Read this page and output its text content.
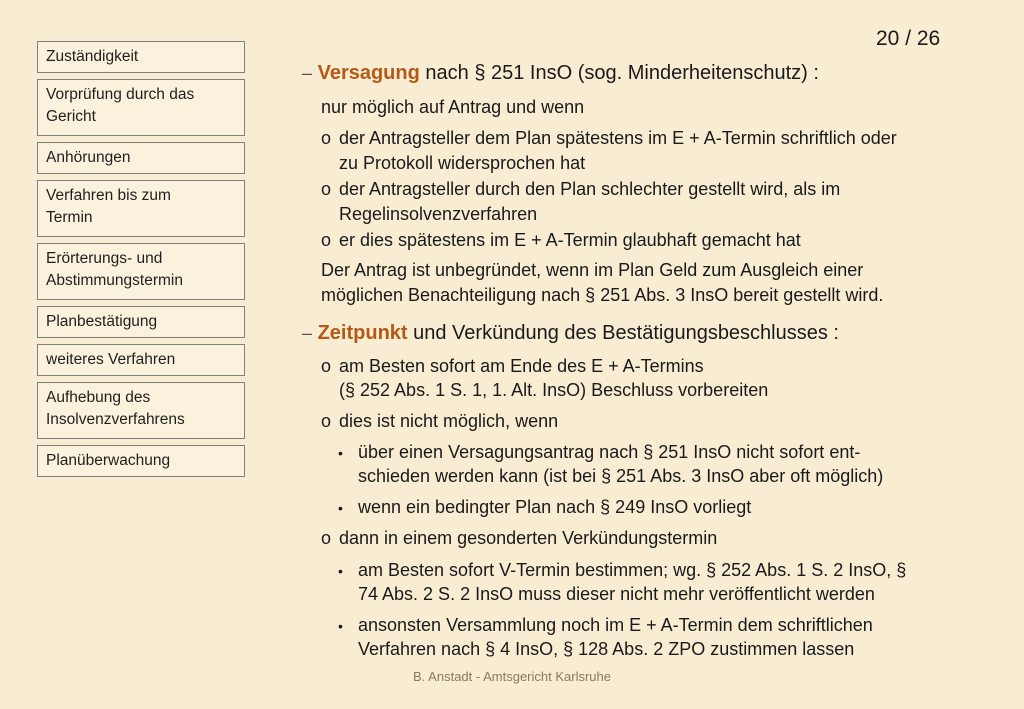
Zuständigkeit
Vorprüfung durch das
Gericht
Anhörungen
Verfahren bis zum
Termin
Erörterungs- und
Abstimmungstermin
Planbestätigung
weiteres Verfahren
Aufhebung des
Insolvenzverfahrens
Planüberwachung
20 / 26
– Versagung nach § 251 InsO (sog. Minderheitenschutz) :
nur möglich auf Antrag und wenn
o der Antragsteller dem Plan spätestens im E + A-Termin schriftlich oder
zu Protokoll widersprochen hat
o der Antragsteller durch den Plan schlechter gestellt wird, als im
Regelinsolvenzverfahren
o er dies spätestens im E + A-Termin glaubhaft gemacht hat
Der Antrag ist unbegründet, wenn im Plan Geld zum Ausgleich einer
möglichen Benachteiligung nach § 251 Abs. 3 InsO bereit gestellt wird.
– Zeitpunkt und Verkündung des Bestätigungsbeschlusses :
o am Besten sofort am Ende des E + A-Termins
(§ 252 Abs. 1 S. 1, 1. Alt. InsO) Beschluss vorbereiten
o dies ist nicht möglich, wenn
• über einen Versagungsantrag nach § 251 InsO nicht sofort ent-
schieden werden kann (ist bei § 251 Abs. 3 InsO aber oft möglich)
• wenn ein bedingter Plan nach § 249 InsO vorliegt
o dann in einem gesonderten Verkündungstermin
• am Besten sofort V-Termin bestimmen; wg. § 252 Abs. 1 S. 2 InsO, §
74 Abs. 2 S. 2 InsO muss dieser nicht mehr veröffentlicht werden
• ansonsten Versammlung noch im E + A-Termin dem schriftlichen
Verfahren nach § 4 InsO, § 128 Abs. 2 ZPO zustimmen lassen
B. Anstadt - Amtsgericht Karlsruhe
